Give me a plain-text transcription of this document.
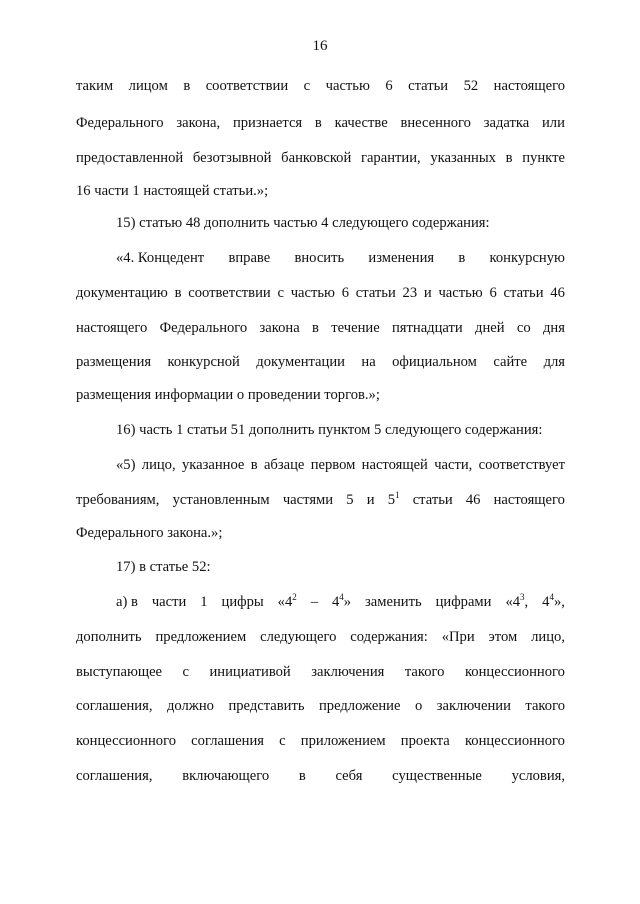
16
таким лицом в соответствии с частью 6 статьи 52 настоящего
Федерального закона, признается в качестве внесенного задатка или
предоставленной безотзывной банковской гарантии, указанных в пункте
16 части 1 настоящей статьи.»;
15) статью 48 дополнить частью 4 следующего содержания:
«4. Концедент вправе вносить изменения в конкурсную
документацию в соответствии с частью 6 статьи 23 и частью 6 статьи 46
настоящего Федерального закона в течение пятнадцати дней со дня
размещения конкурсной документации на официальном сайте для
размещения информации о проведении торгов.»;
16) часть 1 статьи 51 дополнить пунктом 5 следующего содержания:
«5) лицо, указанное в абзаце первом настоящей части, соответствует
требованиям, установленным частями 5 и $5^1$ статьи 46 настоящего
Федерального закона.»;
17) в статье 52:
а) в части 1 цифры «$4^2 - 4^4$» заменить цифрами «$4^3$, $4^4$»,
дополнить предложением следующего содержания: «При этом лицо,
выступающее с инициативой заключения такого концессионного
соглашения, должно представить предложение о заключении такого
концессионного соглашения с приложением проекта концессионного
соглашения, включающего в себя существенные условия,
